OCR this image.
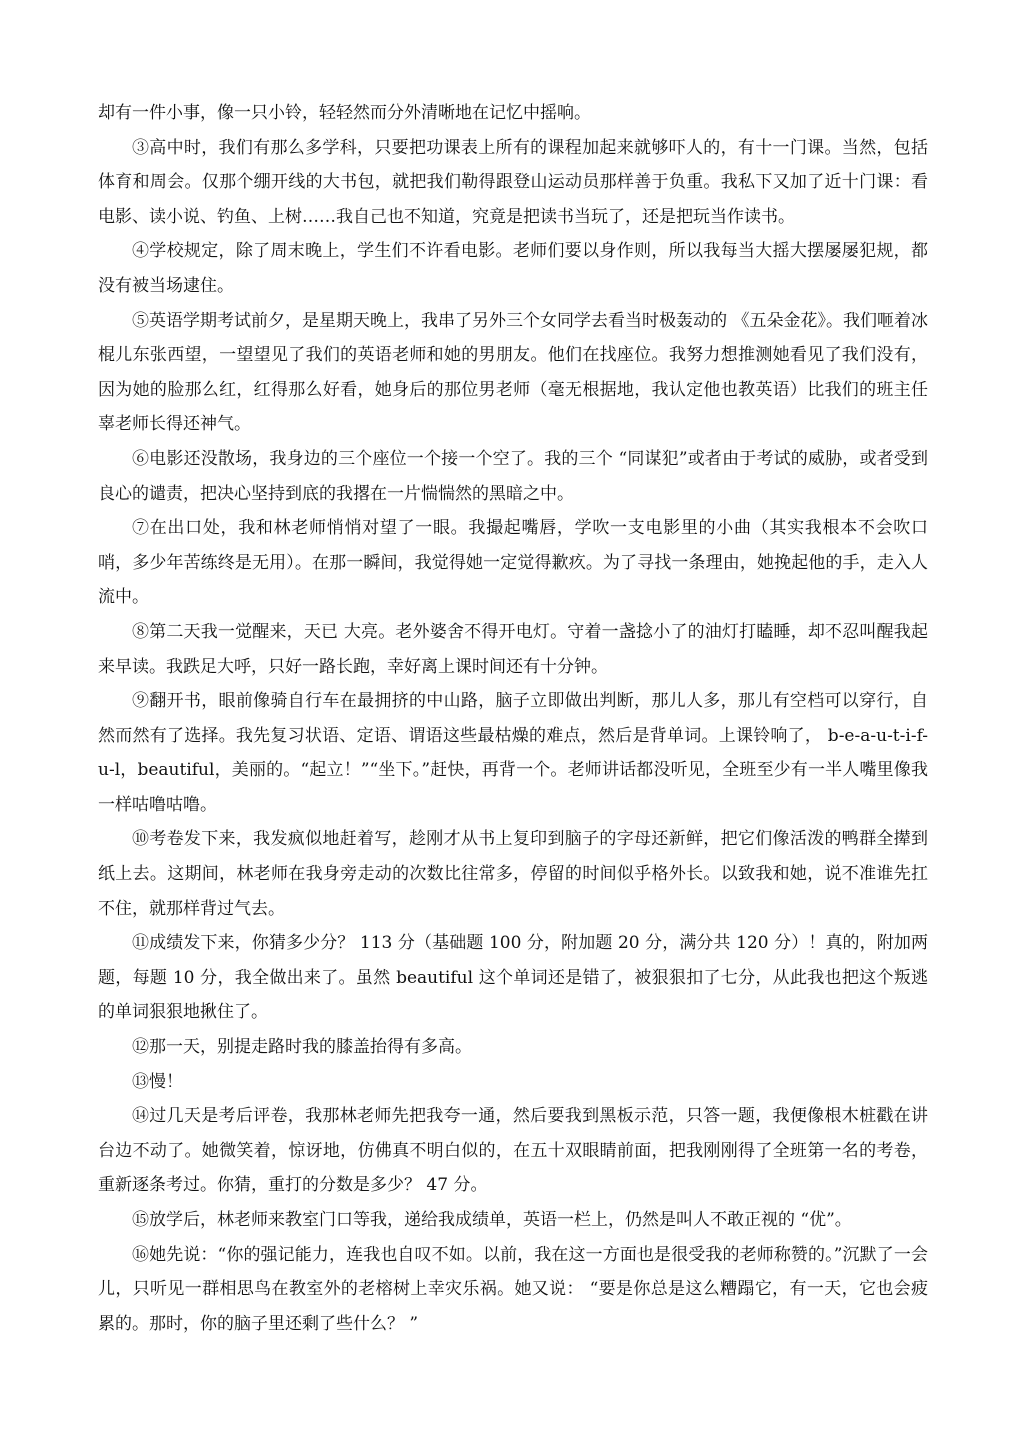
却有一件小事，像一只小铃，轻轻然而分外清晰地在记忆中摇响。

③高中时，我们有那么多学科，只要把功课表上所有的课程加起来就够吓人的，有十一门课。当然，包括体育和周会。仅那个绷开线的大书包，就把我们勒得跟登山运动员那样善于负重。我私下又加了近十门课：看电影、读小说、钓鱼、上树……我自己也不知道，究竟是把读书当玩了，还是把玩当作读书。

④学校规定，除了周末晚上，学生们不许看电影。老师们要以身作则，所以我每当大摇大摆屡屡犯规，都没有被当场逮住。

⑤英语学期考试前夕，是星期天晚上，我串了另外三个女同学去看当时极轰动的 《五朵金花》。我们咂着冰棍儿东张西望，一望望见了我们的英语老师和她的男朋友。他们在找座位。我努力想推测她看见了我们没有，因为她的脸那么红，红得那么好看，她身后的那位男老师（毫无根据地，我认定他也教英语）比我们的班主任辜老师长得还神气。

⑥电影还没散场，我身边的三个座位一个接一个空了。我的三个 “同谋犯”或者由于考试的威胁，或者受到良心的谴责，把决心坚持到底的我撂在一片惴惴然的黑暗之中。

⑦在出口处，我和林老师悄悄对望了一眼。我撮起嘴唇，学吹一支电影里的小曲（其实我根本不会吹口哨，多少年苦练终是无用）。在那一瞬间，我觉得她一定觉得歉疚。为了寻找一条理由，她挽起他的手，走入人流中。

⑧第二天我一觉醒来，天已 大亮。老外婆舍不得开电灯。守着一盏捻小了的油灯打瞌睡，却不忍叫醒我起来早读。我跌足大呼，只好一路长跑，幸好离上课时间还有十分钟。

⑨翻开书，眼前像骑自行车在最拥挤的中山路，脑子立即做出判断，那儿人多，那儿有空档可以穿行，自然而然有了选择。我先复习状语、定语、谓语这些最枯燥的难点，然后是背单词。上课铃响了， b-e-a-u-t-i-f-u-l，beautiful，美丽的。“起立！”“坐下。”赶快，再背一个。老师讲话都没听见，全班至少有一半人嘴里像我一样咕噜咕噜。

⑩考卷发下来，我发疯似地赶着写，趁刚才从书上复印到脑子的字母还新鲜，把它们像活泼的鸭群全撵到纸上去。这期间，林老师在我身旁走动的次数比往常多，停留的时间似乎格外长。以致我和她，说不准谁先扛不住，就那样背过气去。

⑪成绩发下来，你猜多少分？ 113 分（基础题 100 分，附加题 20 分，满分共 120 分）！真的，附加两题，每题 10 分，我全做出来了。虽然 beautiful 这个单词还是错了，被狠狠扣了七分，从此我也把这个叛逃的单词狠狠地揪住了。

⑫那一天，别提走路时我的膝盖抬得有多高。

⑬慢！

⑭过几天是考后评卷，我那林老师先把我夸一通，然后要我到黑板示范，只答一题，我便像根木桩戳在讲台边不动了。她微笑着，惊讶地，仿佛真不明白似的，在五十双眼睛前面，把我刚刚得了全班第一名的考卷，重新逐条考过。你猜，重打的分数是多少？ 47 分。

⑮放学后，林老师来教室门口等我，递给我成绩单，英语一栏上，仍然是叫人不敢正视的 “优”。

⑯她先说：“你的强记能力，连我也自叹不如。以前，我在这一方面也是很受我的老师称赞的。”沉默了一会儿，只听见一群相思鸟在教室外的老榕树上幸灾乐祸。她又说： “要是你总是这么糟蹋它，有一天，它也会疲累的。那时，你的脑子里还剩了些什么？ ”
